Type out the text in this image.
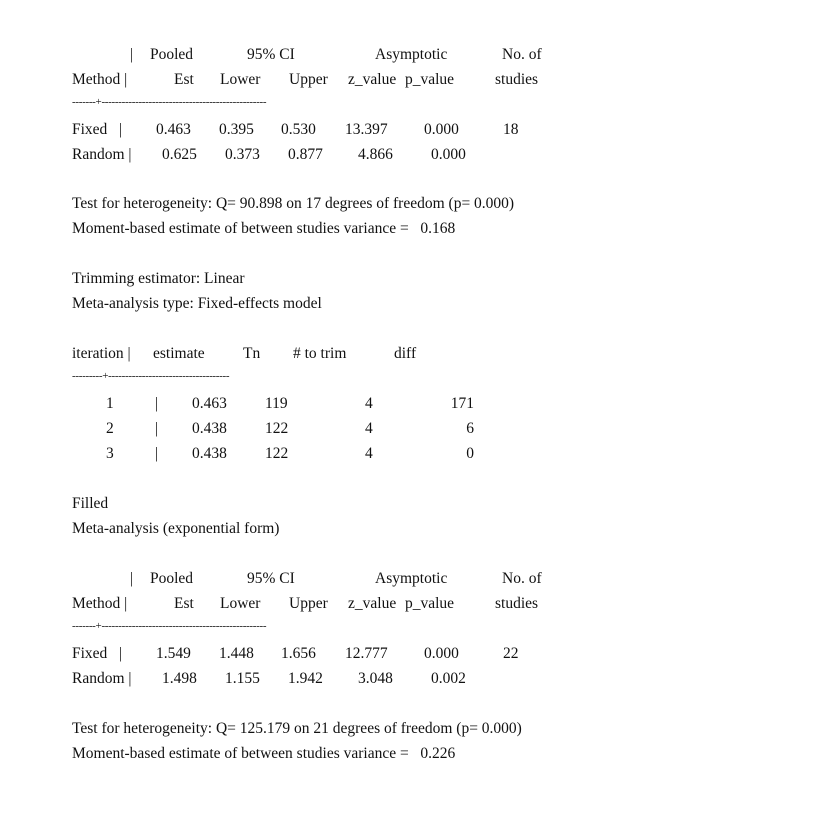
| Pooled	95% CI	Asymptotic	No. of
Method |	Est Lower Upper z_value p_value	studies
-------+-------------------------------------------------
Fixed   | 0.463 0.395 0.530 13.397 0.000	18
Random | 0.625 0.373 0.877 4.866 0.000
Test for heterogeneity: Q= 90.898 on 17 degrees of freedom (p= 0.000)
Moment-based estimate of between studies variance =   0.168
Trimming estimator: Linear
Meta-analysis type: Fixed-effects model
iteration | estimate Tn # to trim	diff
---------+------------------------------------
1	| 0.463 119	4	171
2	| 0.438 122	4	6
3	| 0.438 122	4	0
Filled
Meta-analysis (exponential form)
| Pooled	95% CI	Asymptotic	No. of
Method |	Est Lower Upper z_value p_value	studies
-------+-------------------------------------------------
Fixed   | 1.549 1.448 1.656 12.777 0.000	22
Random | 1.498 1.155 1.942 3.048 0.002
Test for heterogeneity: Q= 125.179 on 21 degrees of freedom (p= 0.000)
Moment-based estimate of between studies variance =   0.226
